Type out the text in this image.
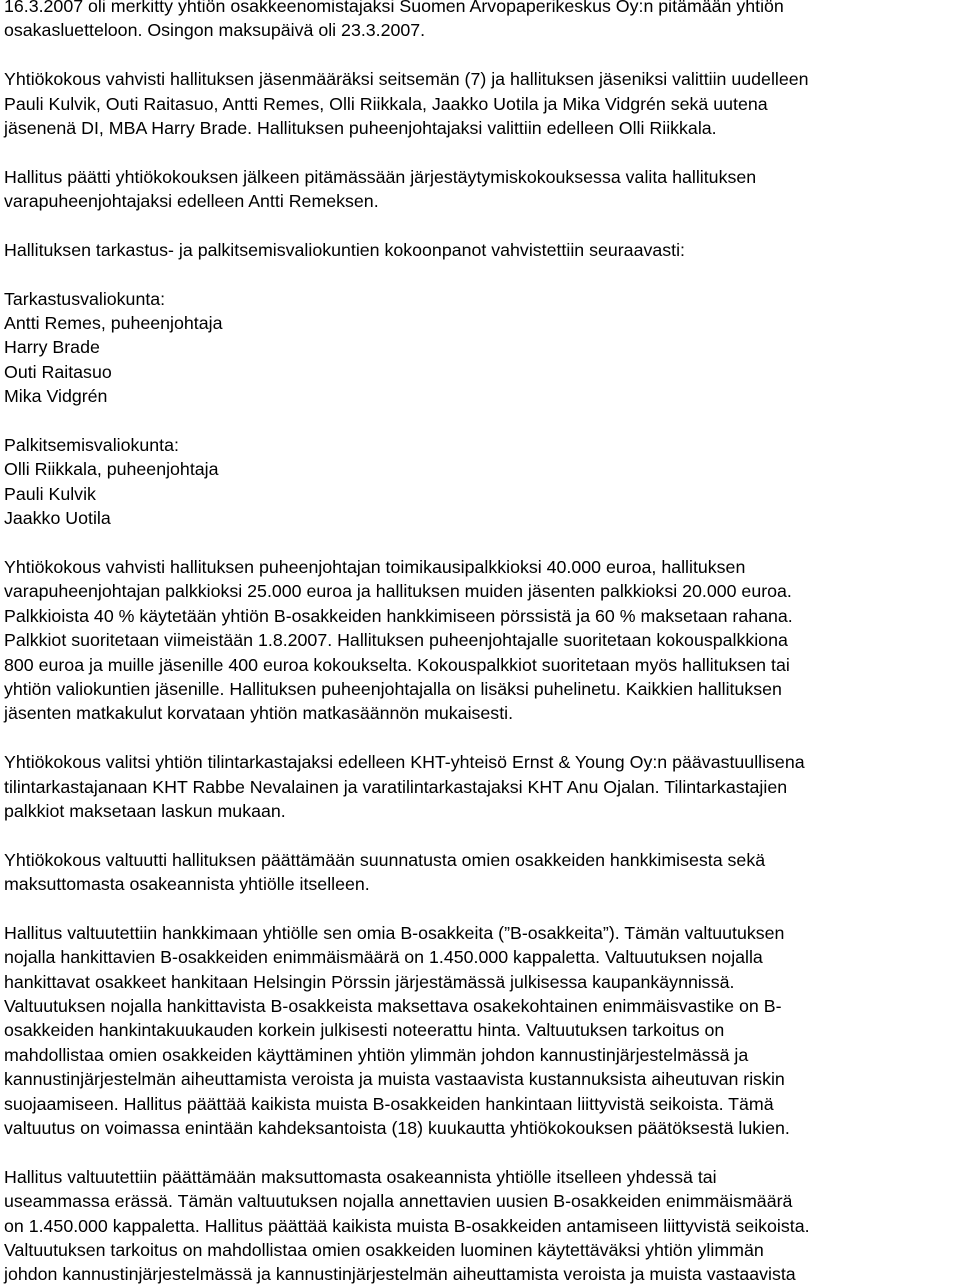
16.3.2007 oli merkitty yhtiön osakkeenomistajaksi Suomen Arvopaperikeskus Oy:n pitämään yhtiön
osakasluetteloon. Osingon maksupäivä oli 23.3.2007.
Yhtiökokous vahvisti hallituksen jäsenmääräksi seitsemän (7) ja hallituksen jäseniksi valittiin uudelleen
Pauli Kulvik, Outi Raitasuo, Antti Remes, Olli Riikkala, Jaakko Uotila ja Mika Vidgrén sekä uutena
jäsenenä DI, MBA Harry Brade. Hallituksen puheenjohtajaksi valittiin edelleen Olli Riikkala.
Hallitus päätti yhtiökokouksen jälkeen pitämässään järjestäytymiskokouksessa valita hallituksen
varapuheenjohtajaksi edelleen Antti Remeksen.
Hallituksen tarkastus- ja palkitsemisvaliokuntien kokoonpanot vahvistettiin seuraavasti:
Tarkastusvaliokunta:
Antti Remes, puheenjohtaja
Harry Brade
Outi Raitasuo
Mika Vidgrén
Palkitsemisvaliokunta:
Olli Riikkala, puheenjohtaja
Pauli Kulvik
Jaakko Uotila
Yhtiökokous vahvisti hallituksen puheenjohtajan toimikausipalkkioksi 40.000 euroa, hallituksen
varapuheenjohtajan palkkioksi 25.000 euroa ja hallituksen muiden jäsenten palkkioksi 20.000 euroa.
Palkkioista 40 % käytetään yhtiön B-osakkeiden hankkimiseen pörssistä ja 60 % maksetaan rahana.
Palkkiot suoritetaan viimeistään 1.8.2007. Hallituksen puheenjohtajalle suoritetaan kokouspalkkiona
800 euroa ja muille jäsenille 400 euroa kokoukselta. Kokouspalkkiot suoritetaan myös hallituksen tai
yhtiön valiokuntien jäsenille. Hallituksen puheenjohtajalla on lisäksi puhelinetu. Kaikkien hallituksen
jäsenten matkakulut korvataan yhtiön matkasäännön mukaisesti.
Yhtiökokous valitsi yhtiön tilintarkastajaksi edelleen KHT-yhteisö Ernst & Young Oy:n päävastuullisena
tilintarkastajanaan KHT Rabbe Nevalainen ja varatilintarkastajaksi KHT Anu Ojalan. Tilintarkastajien
palkkiot maksetaan laskun mukaan.
Yhtiökokous valtuutti hallituksen päättämään suunnatusta omien osakkeiden hankkimisesta sekä
maksuttomasta osakeannista yhtiölle itselleen.
Hallitus valtuutettiin hankkimaan yhtiölle sen omia B-osakkeita (”B-osakkeita”). Tämän valtuutuksen
nojalla hankittavien B-osakkeiden enimmäismäärä on 1.450.000 kappaletta. Valtuutuksen nojalla
hankittavat osakkeet hankitaan Helsingin Pörssin järjestämässä julkisessa kaupankäynnissä.
Valtuutuksen nojalla hankittavista B-osakkeista maksettava osakekohtainen enimmäisvastike on B-
osakkeiden hankintakuukauden korkein julkisesti noteerattu hinta. Valtuutuksen tarkoitus on
mahdollistaa omien osakkeiden käyttäminen yhtiön ylimmän johdon kannustinjärjestelmässä ja
kannustinjärjestelmän aiheuttamista veroista ja muista vastaavista kustannuksista aiheutuvan riskin
suojaamiseen. Hallitus päättää kaikista muista B-osakkeiden hankintaan liittyvistä seikoista. Tämä
valtuutus on voimassa enintään kahdeksantoista (18) kuukautta yhtiökokouksen päätöksestä lukien.
Hallitus valtuutettiin päättämään maksuttomasta osakeannista yhtiölle itselleen yhdessä tai
useammassa erässä. Tämän valtuutuksen nojalla annettavien uusien B-osakkeiden enimmäismäärä
on 1.450.000 kappaletta. Hallitus päättää kaikista muista B-osakkeiden antamiseen liittyvistä seikoista.
Valtuutuksen tarkoitus on mahdollistaa omien osakkeiden luominen käytettäväksi yhtiön ylimmän
johdon kannustinjärjestelmässä ja kannustinjärjestelmän aiheuttamista veroista ja muista vastaavista
